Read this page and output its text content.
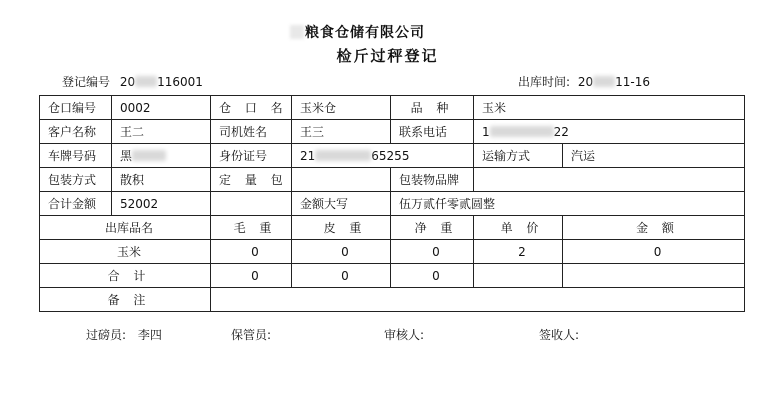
粮食仓储有限公司
检斤过秤登记
登记编号 20 116001	出库时间: 20 11-16
仓口编号	0002	仓 口 名	玉米仓	品 种	玉米	
客户名称	王二	司机姓名	王三	联系电话	1 22	
车牌号码	黑	身份证号	21 65255		运输方式	汽运
包装方式	散积	定 量 包		包装物品牌		
合计金额	52002		金额大写	伍万贰仟零贰圆整		
出库品名		毛 重	皮 重	净 重	单 价	金 额
玉米		0	0	0	2	0
合 计		0	0	0		
备 注						
过磅员: 李四	保管员:	审核人:	签收人:
